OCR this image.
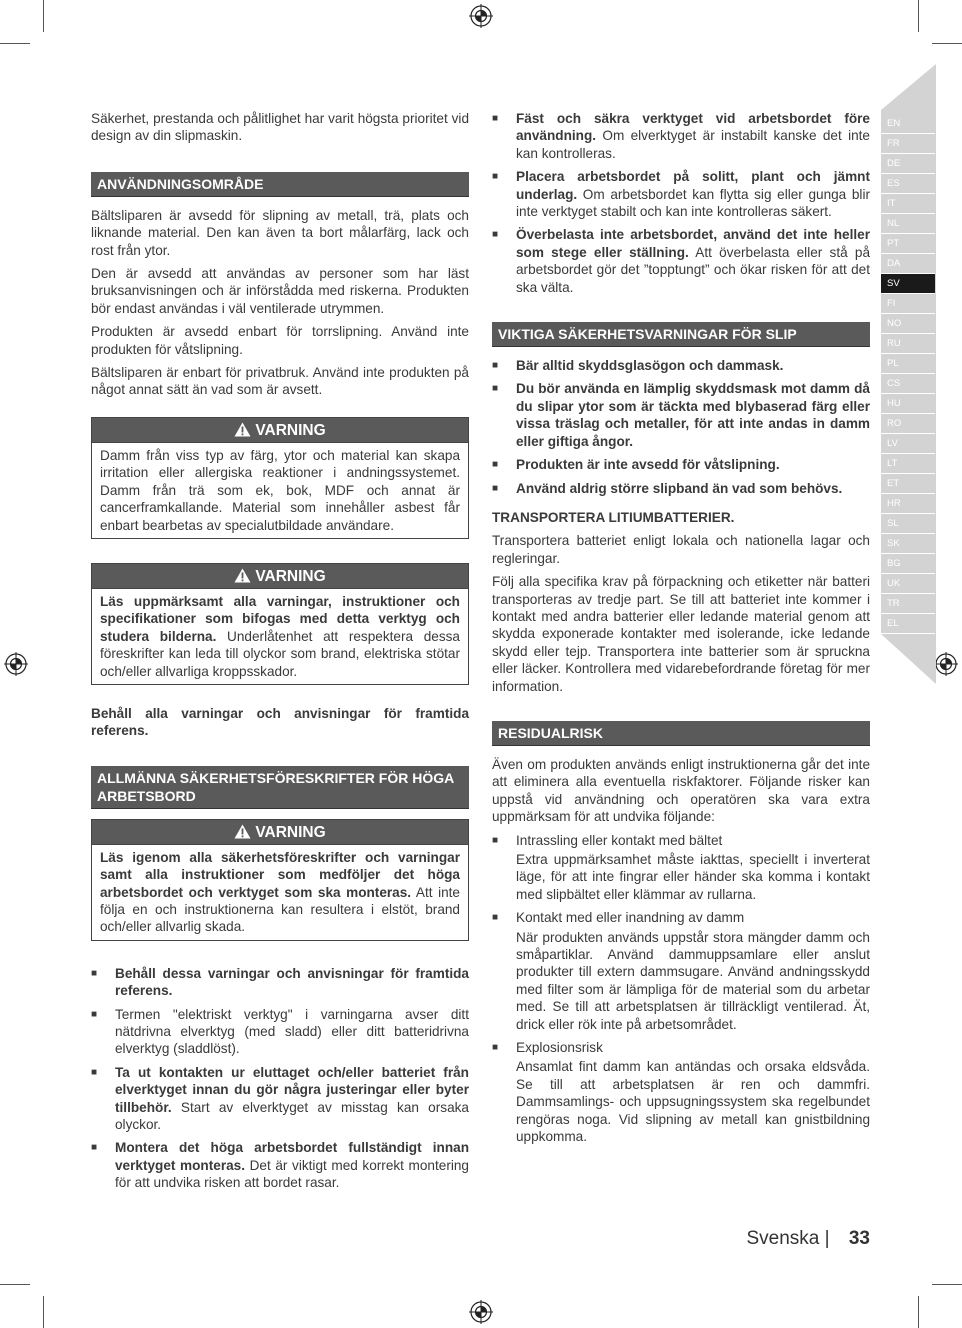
EN
FR
DE
ES
IT
NL
PT
DA
SV
FI
NO
RU
PL
CS
HU
RO
LV
LT
ET
HR
SL
SK
BG
UK
TR
EL

Säkerhet, prestanda och pålitlighet har varit högsta prioritet vid design av din slipmaskin.

ANVÄNDNINGSOMRÅDE

Bältsliparen är avsedd för slipning av metall, trä, plats och liknande material. Den kan även ta bort målarfärg, lack och rost från ytor.

Den är avsedd att användas av personer som har läst bruksanvisningen och är införstådda med riskerna. Produkten bör endast användas i väl ventilerade utrymmen.

Produkten är avsedd enbart för torrslipning. Använd inte produkten för våtslipning.

Bältsliparen är enbart för privatbruk. Använd inte produkten på något annat sätt än vad som är avsett.

VARNING
Damm från viss typ av färg, ytor och material kan skapa irritation eller allergiska reaktioner i andningssystemet. Damm från trä som ek, bok, MDF och annat är cancerframkallande. Material som innehåller asbest får enbart bearbetas av specialutbildade användare.
VARNING
Läs uppmärksamt alla varningar, instruktioner och specifikationer som bifogas med detta verktyg och studera bilderna. Underlåtenhet att respektera dessa föreskrifter kan leda till olyckor som brand, elektriska stötar och/eller allvarliga kroppsskador.

Behåll alla varningar och anvisningar för framtida referens.

ALLMÄNNA SÄKERHETSFÖRESKRIFTER FÖR HÖGA ARBETSBORD
VARNING
Läs igenom alla säkerhetsföreskrifter och varningar samt alla instruktioner som medföljer det höga arbetsbordet och verktyget som ska monteras. Att inte följa en och instruktionerna kan resultera i elstöt, brand och/eller allvarlig skada.
■ Behåll dessa varningar och anvisningar för framtida referens.
■ Termen "elektriskt verktyg" i varningarna avser ditt nätdrivna elverktyg (med sladd) eller ditt batteridrivna elverktyg (sladdlöst).
■ Ta ut kontakten ur eluttaget och/eller batteriet från elverktyget innan du gör några justeringar eller byter tillbehör. Start av elverktyget av misstag kan orsaka olyckor.
■ Montera det höga arbetsbordet fullständigt innan verktyget monteras. Det är viktigt med korrekt montering för att undvika risken att bordet rasar.
■ Fäst och säkra verktyget vid arbetsbordet före användning. Om elverktyget är instabilt kanske det inte kan kontrolleras.
■ Placera arbetsbordet på solitt, plant och jämnt underlag. Om arbetsbordet kan flytta sig eller gunga blir inte verktyget stabilt och kan inte kontrolleras säkert.
■ Överbelasta inte arbetsbordet, använd det inte heller som stege eller ställning. Att överbelasta eller stå på arbetsbordet gör det ”topptungt” och ökar risken för att det ska välta.
VIKTIGA SÄKERHETSVARNINGAR FÖR SLIP
■ Bär alltid skyddsglasögon och dammask.
■ Du bör använda en lämplig skyddsmask mot damm då du slipar ytor som är täckta med blybaserad färg eller vissa träslag och metaller, för att inte andas in damm eller giftiga ångor.
■ Produkten är inte avsedd för våtslipning.
■ Använd aldrig större slipband än vad som behövs.

TRANSPORTERA LITIUMBATTERIER.

Transportera batteriet enligt lokala och nationella lagar och regleringar.

Följ alla specifika krav på förpackning och etiketter när batteri transporteras av tredje part. Se till att batteriet inte kommer i kontakt med andra batterier eller ledande material genom att skydda exponerade kontakter med isolerande, icke ledande skydd eller tejp. Transportera inte batterier som är spruckna eller läcker. Kontrollera med vidarebefordrande företag för mer information.

RESIDUALRISK

Även om produkten används enligt instruktionerna går det inte att eliminera alla eventuella riskfaktorer. Följande risker kan uppstå vid användning och operatören ska vara extra uppmärksam för att undvika följande:

■ Intrassling eller kontakt med bältet
Extra uppmärksamhet måste iakttas, speciellt i inverterat läge, för att inte fingrar eller händer ska komma i kontakt med slipbältet eller klämmar av rullarna.
■ Kontakt med eller inandning av damm
När produkten används uppstår stora mängder damm och småpartiklar. Använd dammuppsamlare eller anslut produkter till extern dammsugare. Använd andningsskydd med filter som är lämpliga för de material som du arbetar med. Se till att arbetsplatsen är tillräckligt ventilerad. Ät, drick eller rök inte på arbetsområdet.
■ Explosionsrisk
Ansamlat fint damm kan antändas och orsaka eldsvåda. Se till att arbetsplatsen är ren och dammfri. Dammsamlings- och uppsugningssystem ska regelbundet rengöras noga. Vid slipning av metall kan gnistbildning uppkomma.
Svenska | 33
